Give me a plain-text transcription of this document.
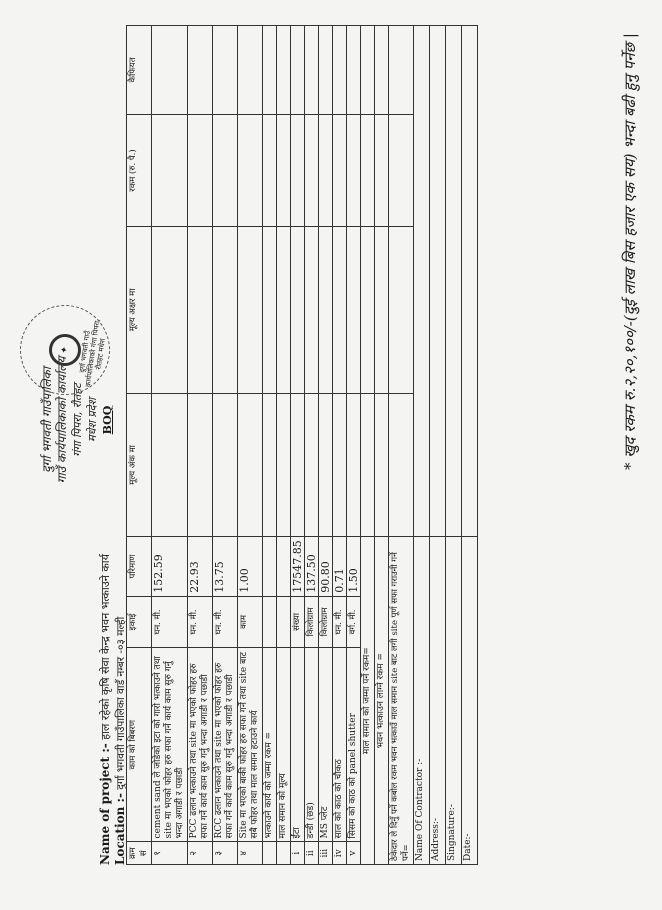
दुर्गा भगवती गाउँपालिका गाउँ कार्यपालिकाको कार्यालय गंगा पिपरा, रौतहट मधेश प्रदेश BOQ
✦	दुर्गा भगवती गाउँ कार्यपालिकाको गंगा पिपरा, रौतहट मधेश
Name of project :- हाल रहेको कृषि सेवा केन्द्र भवन भत्काउने कार्य
Location :- दुर्गा भगवती गाउँपालिका वाडँ नम्बर -०३ मल्ही
क्रम सं	काम को बिबरण	इकाई	परिमाण	मूल्य अंक मा	मूल्य अक्षर मा	रकम (रु. पै.)	कैफियत
१	cement sand ले जोडेको इटा को गारो भत्काउने तथा site मा भएको फोहर हरु सफा गर्ने कार्य काम सुरु गर्नु भन्दा अगाडी र पछाडी	घन. मी.	152.59				
२	PCC ढलान भत्काउने तथा site मा भएको फोहर हरु सफा गर्ने कार्य काम सुरु गर्नु भन्दा अगाडी र पछाडी	घन. मी.	22.93				
३	RCC ढलान भत्काउने तथा site मा भएको फोहर हरु सफा गर्ने कार्य काम सुरु गर्नु भन्दा अगाडी र पछाडी	घन. मी.	13.75				
४	Site मा भएको बाकी फोहर हरु सफा गर्ने तथा site बाट सबै फोहर तथा माल समान हटाउने कार्य	काम	1.00				
	भत्काउने कार्य को जम्मा रकम =						
	माल समान को मूल्य						
i	ईंटा	संख्या	17547.85				
ii	डन्डी (छड)	किलोग्राम	137.50				
iii	MS प्लेट	किलोग्राम	90.80				
iv	साल को काठ को चौकठ	घन. मी.	0.71				
v	सिसम को काठ को panel shutter	वर्ग. मी.	1.50				
माल समान को जम्मा पर्ने रकम=							
भवन भत्काउन लाग्ने रकम =							
ठेकेदार ले दिनुँ पर्ने कबोल रकम भवन भत्काउँ माल समान site बाट लगी site पूर्ण सफा गराउनी गर्ने पर्ने=							
Name Of Contractor :-							
Address:-							
Singnature:-							
Date:-							
* खुद रकम रु.२,२०,१००/-(दुई लाख बिस हजार एक सय) भन्दा बढी हुनु पर्नेछ |
